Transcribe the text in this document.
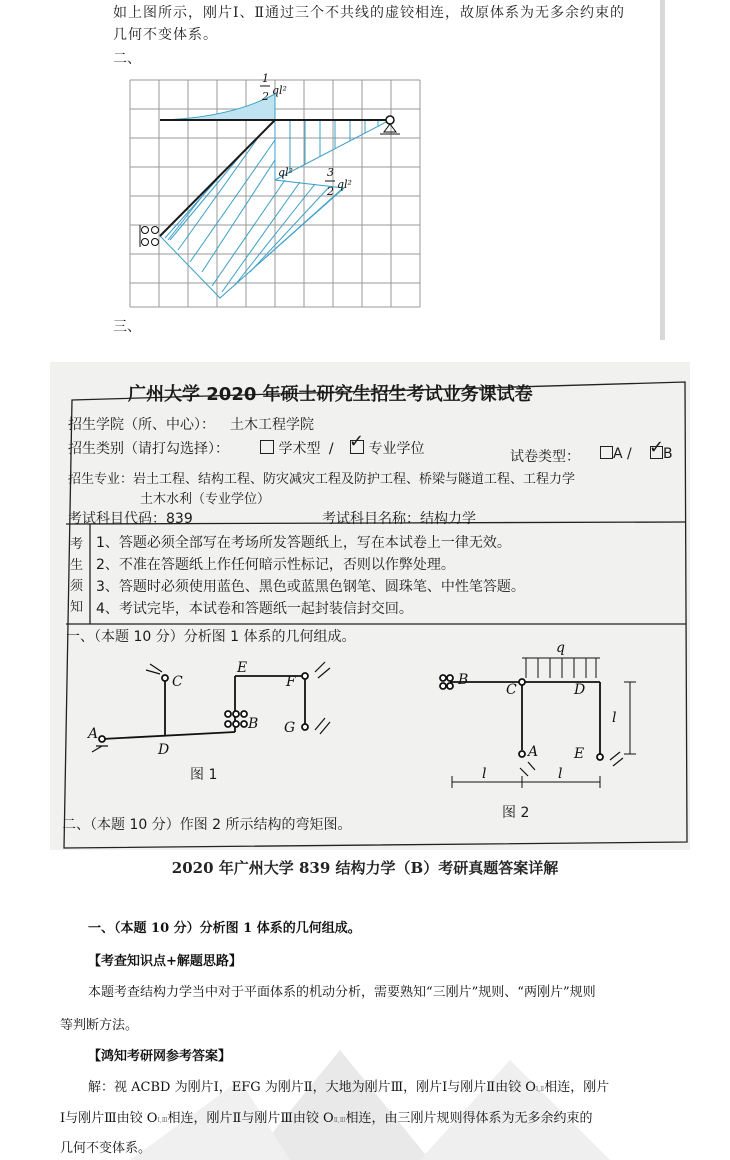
如上图所示，刚片Ⅰ、Ⅱ通过三个不共线的虚铰相连，故原体系为无多余约束的
几何不变体系。
二、
1
2 ql²
ql²	3
2
ql²
三、
广州大学 2020 年硕士研究生招生考试业务课试卷
招生学院（所、中心）： 土木工程学院
招生类别（请打勾选择）：	学术型 / ✓ 专业学位	试卷类型：	A / ✓
B
招生专业：岩土工程、结构工程、防灾减灾工程及防护工程、桥梁与隧道工程、工程力学
土木水利（专业学位）
考试科目代码：839	考试科目名称：结构力学
考
生
须
知
1、答题必须全部写在考场所发答题纸上，写在本试卷上一律无效。
2、不准在答题纸上作任何暗示性标记，否则以作弊处理。
3、答题时必须使用蓝色、黑色或蓝黑色钢笔、圆珠笔、中性笔答题。
4、考试完毕，本试卷和答题纸一起封装信封交回。
一、（本题 10 分）分析图 1 体系的几何组成。
A
C
D
E
F
B G
q
B
C	D
A	E
l
l	l
图 1
图 2
二、（本题 10 分）作图 2 所示结构的弯矩图。
2020 年广州大学 839 结构力学（B）考研真题答案详解
一、（本题 10 分）分析图 1 体系的几何组成。
【考查知识点+解题思路】
本题考查结构力学当中对于平面体系的机动分析，需要熟知“三刚片”规则、“两刚片”规则
等判断方法。
【鸿知考研网参考答案】
解：视 ACBD 为刚片Ⅰ，EFG 为刚片Ⅱ，大地为刚片Ⅲ，刚片Ⅰ与刚片Ⅱ由铰 OⅠ,Ⅱ相连，刚片
Ⅰ与刚片Ⅲ由铰 OⅠ,Ⅲ相连，刚片Ⅱ与刚片Ⅲ由铰 OⅡ,Ⅲ相连，由三刚片规则得体系为无多余约束的
几何不变体系。
